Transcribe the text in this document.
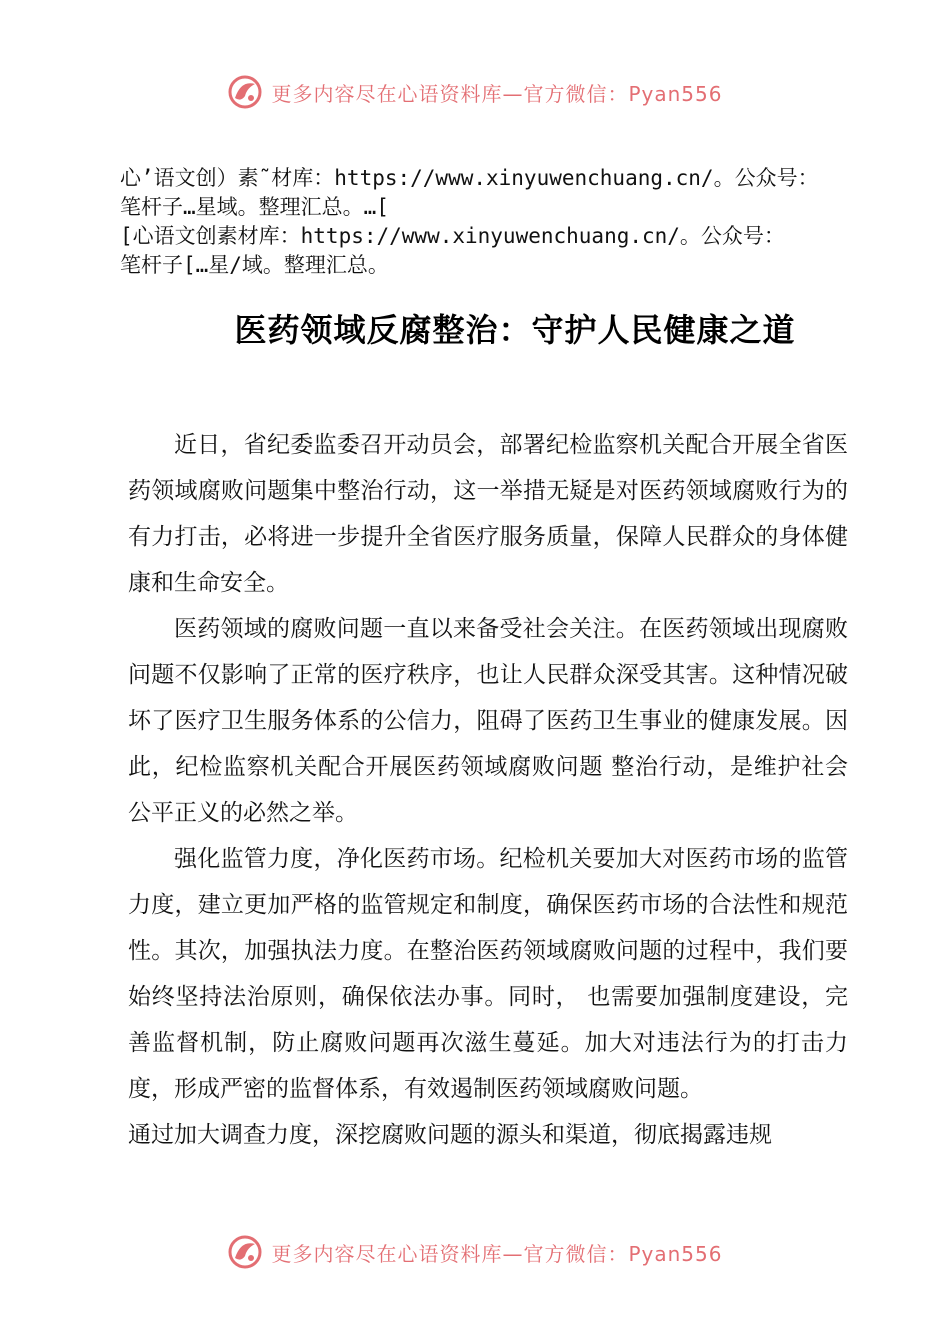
更多内容尽在心语资料库—官方微信：Pyan556
心’语文创）素˜材库：https://www.xinyuwenchuang.cn/。公众号：
笔杆子…星域。整理汇总。…[
[心语文创素材库：https://www.xinyuwenchuang.cn/。公众号：
笔杆子[…星/域。整理汇总。
医药领域反腐整治：守护人民健康之道

近日，省纪委监委召开动员会，部署纪检监察机关配合开展全省医药领域腐败问题集中整治行动，这一举措无疑是对医药领域腐败行为的有力打击，必将进一步提升全省医疗服务质量，保障人民群众的身体健康和生命安全。

医药领域的腐败问题一直以来备受社会关注。在医药领域出现腐败问题不仅影响了正常的医疗秩序，也让人民群众深受其害。这种情况破坏了医疗卫生服务体系的公信力，阻碍了医药卫生事业的健康发展。因此，纪检监察机关配合开展医药领域腐败问题 整治行动，是维护社会公平正义的必然之举。

强化监管力度，净化医药市场。纪检机关要加大对医药市场的监管力度，建立更加严格的监管规定和制度，确保医药市场的合法性和规范性。其次，加强执法力度。在整治医药领域腐败问题的过程中，我们要始终坚持法治原则，确保依法办事。同时， 也需要加强制度建设，完善监督机制，防止腐败问题再次滋生蔓延。加大对违法行为的打击力度，形成严密的监督体系，有效遏制医药领域腐败问题。

通过加大调查力度，深挖腐败问题的源头和渠道，彻底揭露违规

更多内容尽在心语资料库—官方微信：Pyan556
